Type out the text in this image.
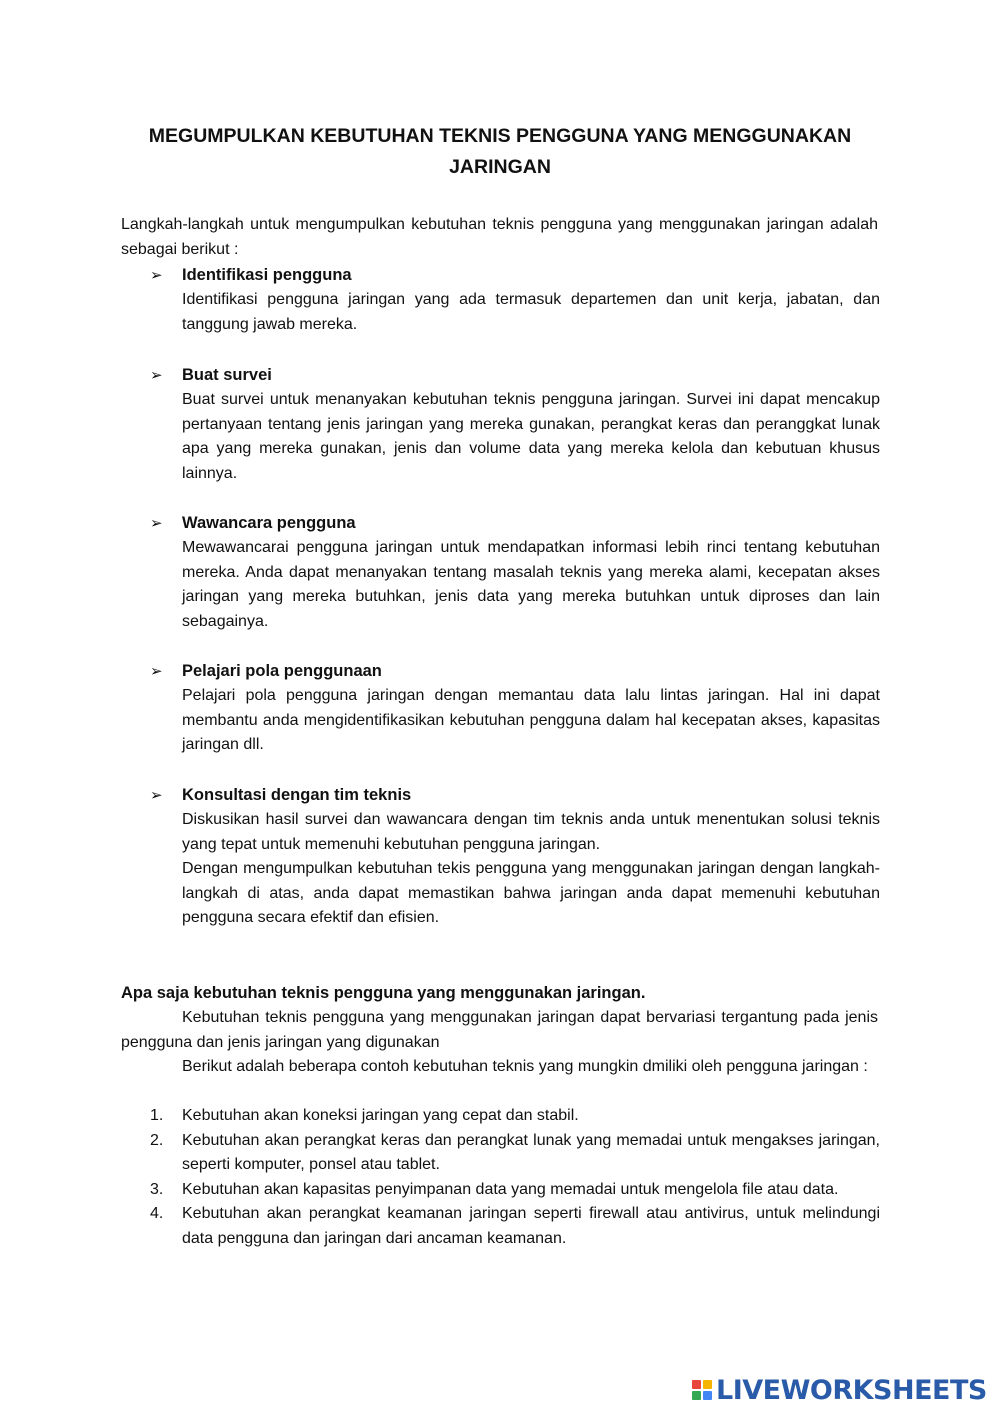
MEGUMPULKAN KEBUTUHAN TEKNIS PENGGUNA YANG MENGGUNAKAN
JARINGAN
Langkah-langkah untuk mengumpulkan kebutuhan teknis pengguna yang menggunakan jaringan adalah sebagai berikut :
➢	Identifikasi pengguna
Identifikasi pengguna jaringan yang ada termasuk departemen dan unit kerja, jabatan, dan tanggung jawab mereka.
➢	Buat survei
Buat survei untuk menanyakan kebutuhan teknis pengguna jaringan. Survei ini dapat mencakup pertanyaan tentang jenis jaringan yang mereka gunakan, perangkat keras dan peranggkat lunak apa yang mereka gunakan, jenis dan volume data yang mereka kelola dan kebutuan khusus lainnya.
➢	Wawancara pengguna
Mewawancarai pengguna jaringan untuk mendapatkan informasi lebih rinci tentang kebutuhan mereka. Anda dapat menanyakan tentang masalah teknis yang mereka alami, kecepatan akses jaringan yang mereka butuhkan, jenis data yang mereka butuhkan untuk diproses dan lain sebagainya.
➢	Pelajari pola penggunaan
Pelajari pola pengguna jaringan dengan memantau data lalu lintas jaringan. Hal ini dapat membantu anda mengidentifikasikan kebutuhan pengguna dalam hal kecepatan akses, kapasitas jaringan dll.
➢	Konsultasi dengan tim teknis
Diskusikan hasil survei dan wawancara dengan tim teknis anda untuk menentukan solusi teknis yang tepat untuk memenuhi kebutuhan pengguna jaringan.
Dengan mengumpulkan kebutuhan tekis pengguna yang menggunakan jaringan dengan langkah-langkah di atas, anda dapat memastikan bahwa jaringan anda dapat memenuhi kebutuhan pengguna secara efektif dan efisien.
Apa saja kebutuhan teknis pengguna yang menggunakan jaringan.
Kebutuhan teknis pengguna yang menggunakan jaringan dapat bervariasi tergantung pada jenis pengguna dan jenis jaringan yang digunakan
Berikut adalah beberapa contoh kebutuhan teknis yang mungkin dmiliki oleh pengguna jaringan :
1.	Kebutuhan akan koneksi jaringan yang cepat dan stabil.
2.	Kebutuhan akan perangkat keras dan perangkat lunak yang memadai untuk mengakses jaringan, seperti komputer, ponsel atau tablet.
3.	Kebutuhan akan kapasitas penyimpanan data yang memadai untuk mengelola file atau data.
4.	Kebutuhan akan perangkat keamanan jaringan seperti firewall atau antivirus, untuk melindungi data pengguna dan jaringan dari ancaman keamanan.
LIVEWORKSHEETS
